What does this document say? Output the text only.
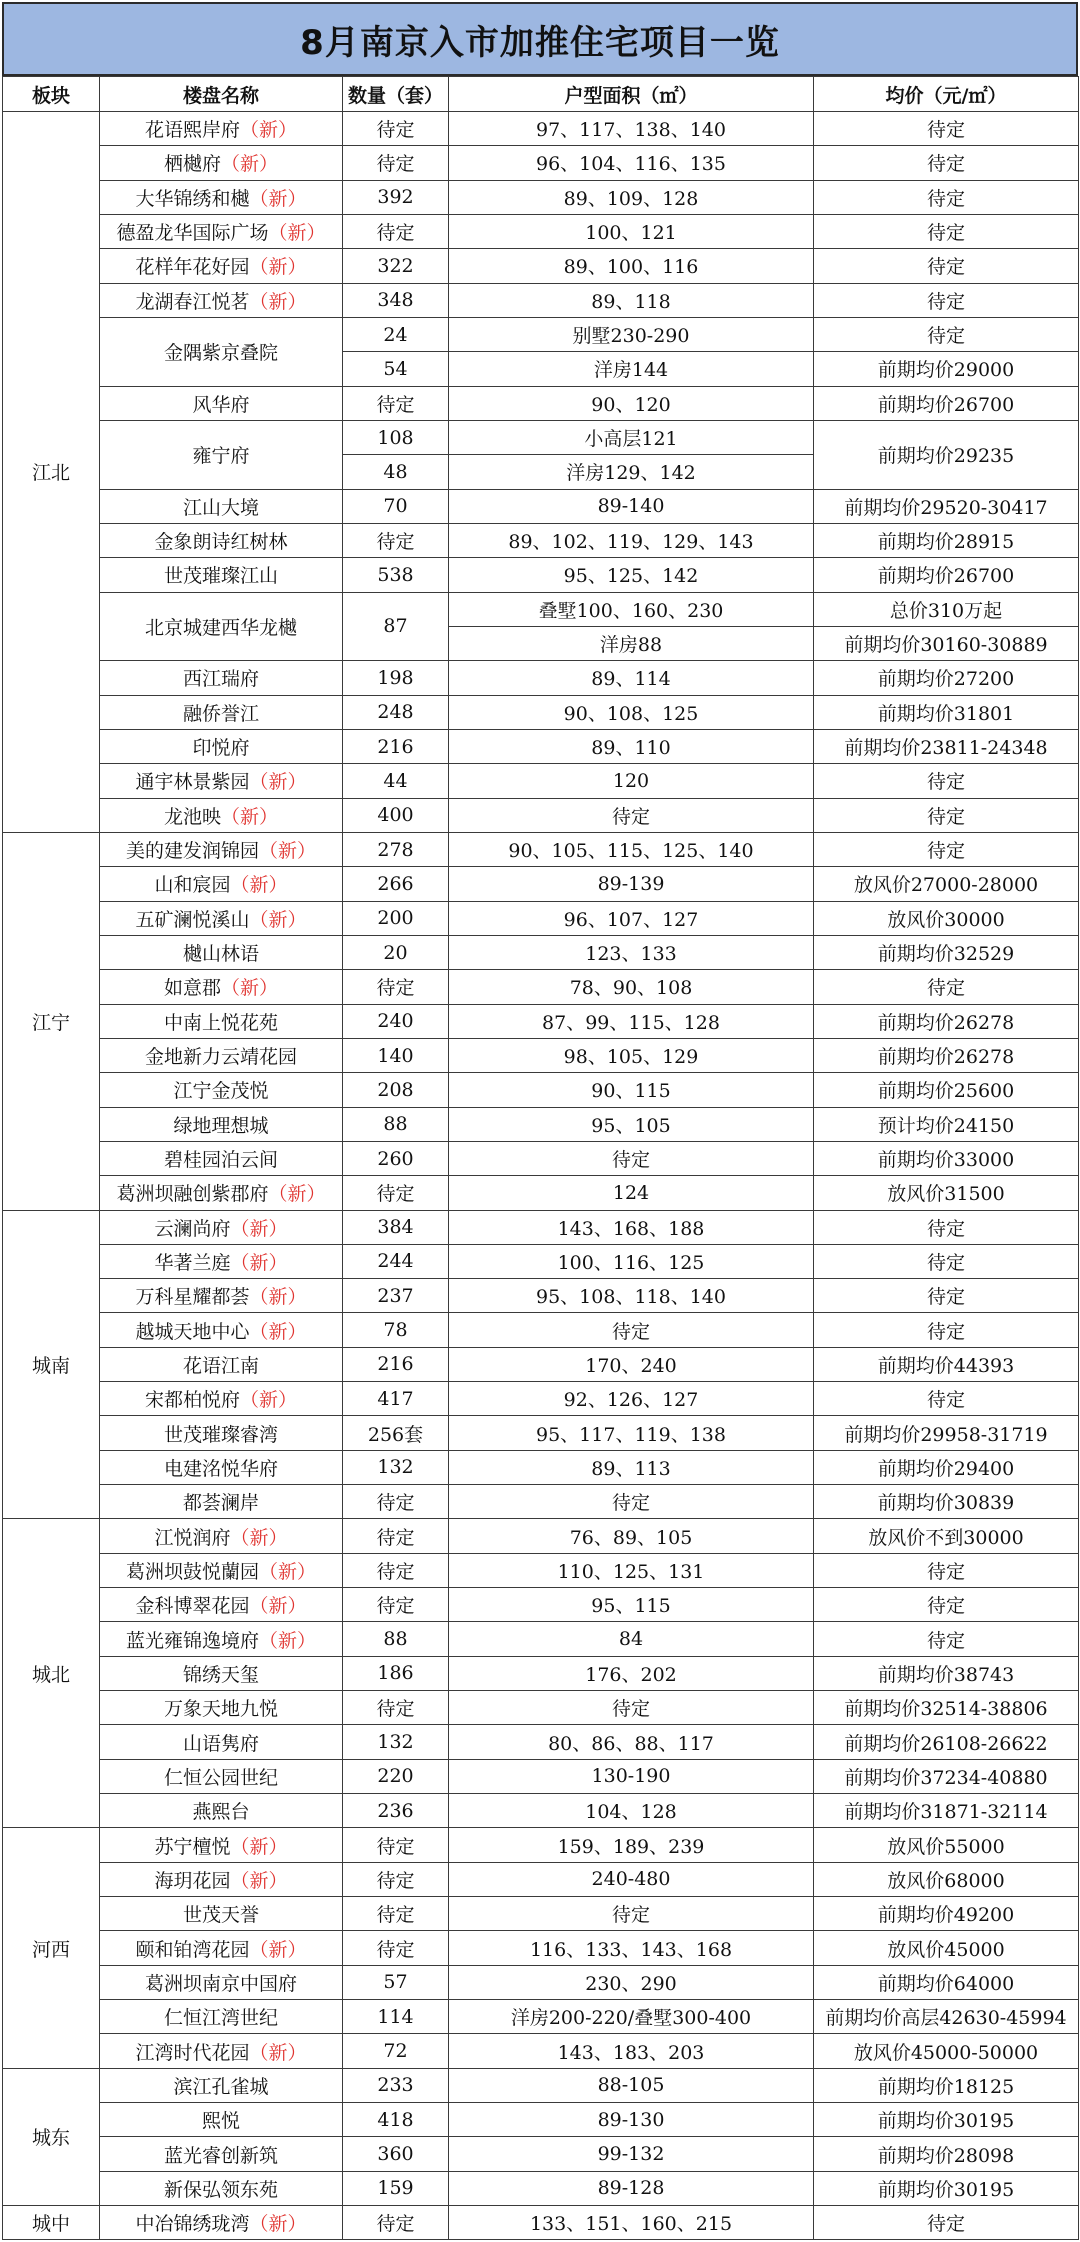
8月南京入市加推住宅项目一览
板块	楼盘名称	数量（套）	户型面积（㎡）	均价（元/㎡）
江北	花语熙岸府（新）	待定	97、117、138、140	待定
	栖樾府（新）	待定	96、104、116、135	待定
	大华锦绣和樾（新）	392	89、109、128	待定
	德盈龙华国际广场（新）	待定	100、121	待定
	花样年花好园（新）	322	89、100、116	待定
	龙湖春江悦茗（新）	348	89、118	待定
	金隅紫京叠院	24	别墅230-290	待定
		54	洋房144	前期均价29000
	风华府	待定	90、120	前期均价26700
	雍宁府	108	小高层121	前期均价29235
		48	洋房129、142	
	江山大境	70	89-140	前期均价29520-30417
	金象朗诗红树林	待定	89、102、119、129、143	前期均价28915
	世茂璀璨江山	538	95、125、142	前期均价26700
	北京城建西华龙樾	87	叠墅100、160、230	总价310万起
			洋房88	前期均价30160-30889
	西江瑞府	198	89、114	前期均价27200
	融侨誉江	248	90、108、125	前期均价31801
	印悦府	216	89、110	前期均价23811-24348
	通宇林景紫园（新）	44	120	待定
	龙池映（新）	400	待定	待定
江宁	美的建发润锦园（新）	278	90、105、115、125、140	待定
	山和宸园（新）	266	89-139	放风价27000-28000
	五矿澜悦溪山（新）	200	96、107、127	放风价30000
	樾山林语	20	123、133	前期均价32529
	如意郡（新）	待定	78、90、108	待定
	中南上悦花苑	240	87、99、115、128	前期均价26278
	金地新力云靖花园	140	98、105、129	前期均价26278
	江宁金茂悦	208	90、115	前期均价25600
	绿地理想城	88	95、105	预计均价24150
	碧桂园泊云间	260	待定	前期均价33000
	葛洲坝融创紫郡府（新）	待定	124	放风价31500
城南	云澜尚府（新）	384	143、168、188	待定
	华著兰庭（新）	244	100、116、125	待定
	万科星耀都荟（新）	237	95、108、118、140	待定
	越城天地中心（新）	78	待定	待定
	花语江南	216	170、240	前期均价44393
	宋都柏悦府（新）	417	92、126、127	待定
	世茂璀璨睿湾	256套	95、117、119、138	前期均价29958-31719
	电建洺悦华府	132	89、113	前期均价29400
	都荟澜岸	待定	待定	前期均价30839
城北	江悦润府（新）	待定	76、89、105	放风价不到30000
	葛洲坝鼓悦蘭园（新）	待定	110、125、131	待定
	金科博翠花园（新）	待定	95、115	待定
	蓝光雍锦逸境府（新）	88	84	待定
	锦绣天玺	186	176、202	前期均价38743
	万象天地九悦	待定	待定	前期均价32514-38806
	山语隽府	132	80、86、88、117	前期均价26108-26622
	仁恒公园世纪	220	130-190	前期均价37234-40880
	燕熙台	236	104、128	前期均价31871-32114
河西	苏宁檀悦（新）	待定	159、189、239	放风价55000
	海玥花园（新）	待定	240-480	放风价68000
	世茂天誉	待定	待定	前期均价49200
	颐和铂湾花园（新）	待定	116、133、143、168	放风价45000
	葛洲坝南京中国府	57	230、290	前期均价64000
	仁恒江湾世纪	114	洋房200-220/叠墅300-400	前期均价高层42630-45994
	江湾时代花园（新）	72	143、183、203	放风价45000-50000
城东	滨江孔雀城	233	88-105	前期均价18125
	熙悦	418	89-130	前期均价30195
	蓝光睿创新筑	360	99-132	前期均价28098
	新保弘领东苑	159	89-128	前期均价30195
城中	中冶锦绣珑湾（新）	待定	133、151、160、215	待定
